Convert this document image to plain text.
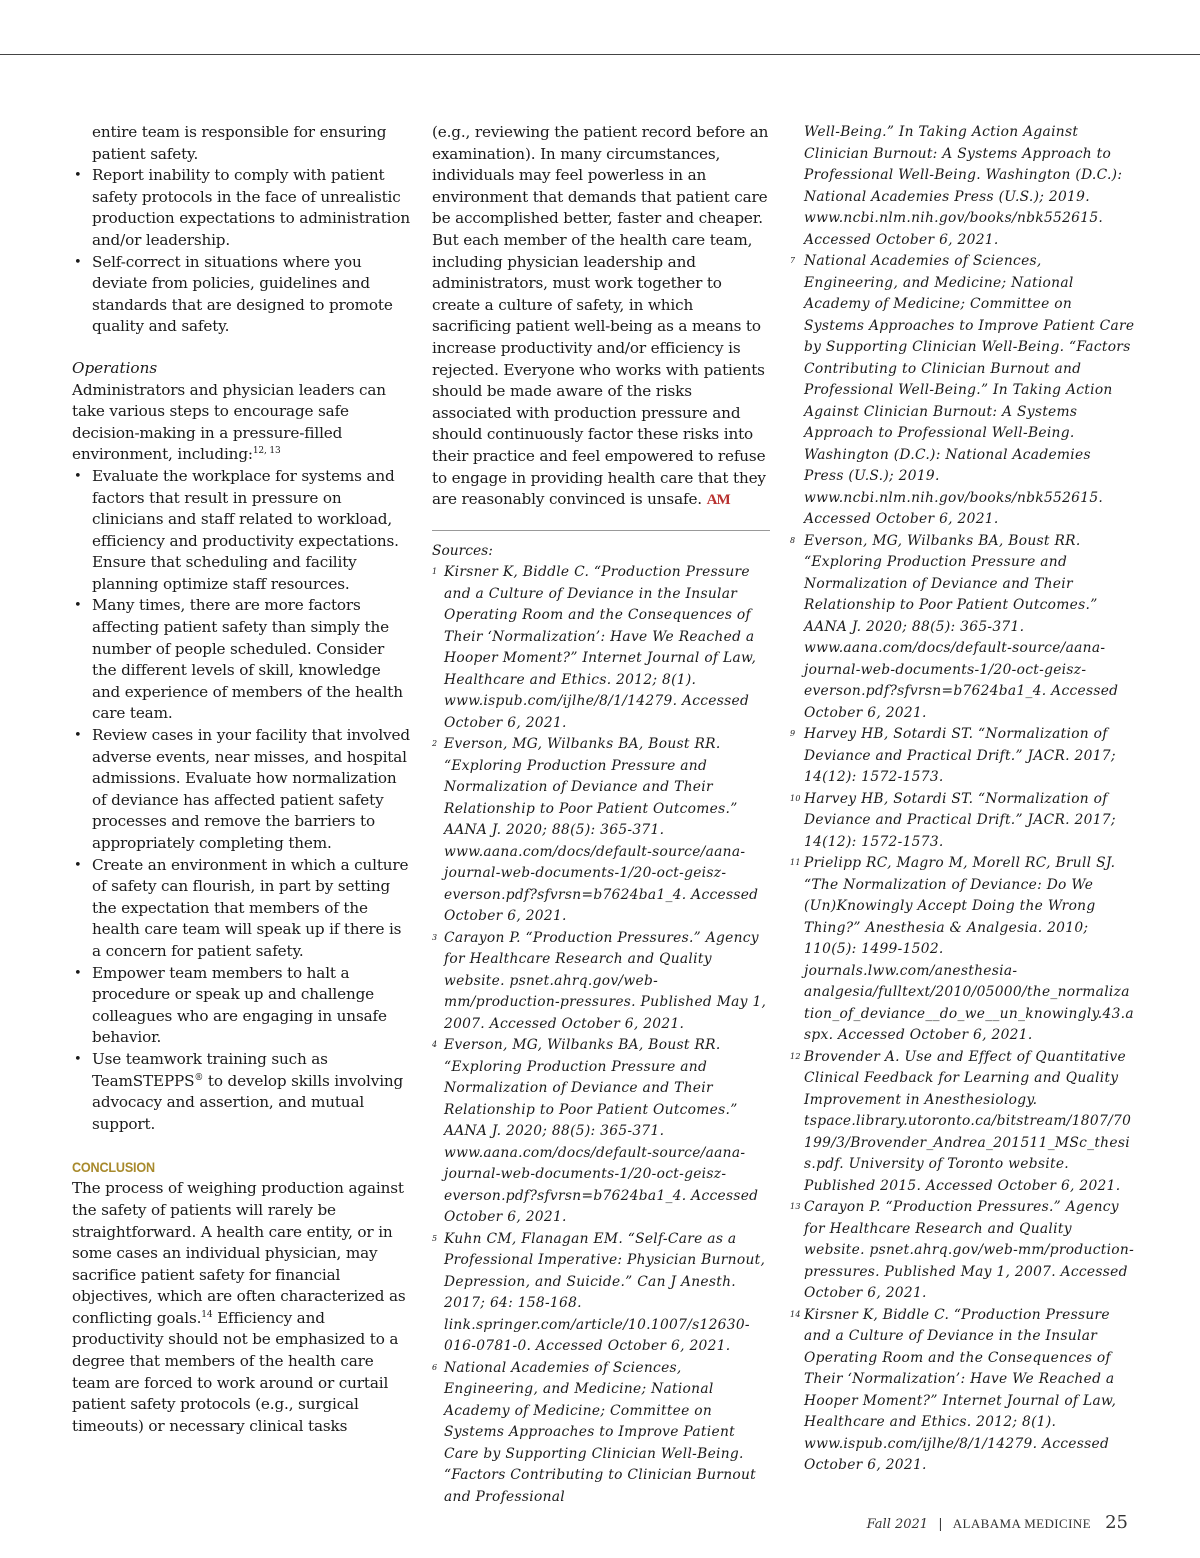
entire team is responsible for ensuring patient safety.
• Report inability to comply with patient safety protocols in the face of unrealistic production expectations to administration and/or leadership.
• Self-correct in situations where you deviate from policies, guidelines and standards that are designed to promote quality and safety.
Operations

Administrators and physician leaders can take various steps to encourage safe decision-making in a pressure-filled environment, including:$^{12, 13}$

• Evaluate the workplace for systems and factors that result in pressure on clinicians and staff related to workload, efficiency and productivity expectations. Ensure that scheduling and facility planning optimize staff resources.
• Many times, there are more factors affecting patient safety than simply the number of people scheduled. Consider the different levels of skill, knowledge and experience of members of the health care team.
• Review cases in your facility that involved adverse events, near misses, and hospital admissions. Evaluate how normalization of deviance has affected patient safety processes and remove the barriers to appropriately completing them.
• Create an environment in which a culture of safety can flourish, in part by setting the expectation that members of the health care team will speak up if there is a concern for patient safety.
• Empower team members to halt a procedure or speak up and challenge colleagues who are engaging in unsafe behavior.
• Use teamwork training such as TeamSTEPPS® to develop skills involving advocacy and assertion, and mutual support.
CONCLUSION

The process of weighing production against the safety of patients will rarely be straightforward. A health care entity, or in some cases an individual physician, may sacrifice patient safety for financial objectives, which are often characterized as conflicting goals.$^{14}$ Efficiency and productivity should not be emphasized to a degree that members of the health care team are forced to work around or curtail patient safety protocols (e.g., surgical timeouts) or necessary clinical tasks

(e.g., reviewing the patient record before an examination). In many circumstances, individuals may feel powerless in an environment that demands that patient care be accomplished better, faster and cheaper. But each member of the health care team, including physician leadership and administrators, must work together to create a culture of safety, in which sacrificing patient well-being as a means to increase productivity and/or efficiency is rejected. Everyone who works with patients should be made aware of the risks associated with production pressure and should continuously factor these risks into their practice and feel empowered to refuse to engage in providing health care that they are reasonably convinced is unsafe. AM

Sources:
1 Kirsner K, Biddle C. “Production Pressure and a Culture of Deviance in the Insular Operating Room and the Consequences of Their ‘Normalization’: Have We Reached a Hooper Moment?” Internet Journal of Law, Healthcare and Ethics. 2012; 8(1). www.ispub.com/ijlhe/8/1/14279. Accessed October 6, 2021.
2 Everson, MG, Wilbanks BA, Boust RR. “Exploring Production Pressure and Normalization of Deviance and Their Relationship to Poor Patient Outcomes.” AANA J. 2020; 88(5): 365-371. www.aana.com/docs/default-source/aana-journal-web-documents-1/20-oct-geisz-everson.pdf?sfvrsn=b7624ba1_4. Accessed October 6, 2021.
3 Carayon P. “Production Pressures.” Agency for Healthcare Research and Quality website. psnet.ahrq.gov/web-mm/production-pressures. Published May 1, 2007. Accessed October 6, 2021.
4 Everson, MG, Wilbanks BA, Boust RR. “Exploring Production Pressure and Normalization of Deviance and Their Relationship to Poor Patient Outcomes.” AANA J. 2020; 88(5): 365-371. www.aana.com/docs/default-source/aana-journal-web-documents-1/20-oct-geisz-everson.pdf?sfvrsn=b7624ba1_4. Accessed October 6, 2021.
5 Kuhn CM, Flanagan EM. “Self-Care as a Professional Imperative: Physician Burnout, Depression, and Suicide.” Can J Anesth. 2017; 64: 158-168. link.springer.com/article/10.1007/s12630-016-0781-0. Accessed October 6, 2021.
6 National Academies of Sciences, Engineering, and Medicine; National Academy of Medicine; Committee on Systems Approaches to Improve Patient Care by Supporting Clinician Well-Being. “Factors Contributing to Clinician Burnout and Professional
Well-Being.” In Taking Action Against Clinician Burnout: A Systems Approach to Professional Well-Being. Washington (D.C.): National Academies Press (U.S.); 2019. www.ncbi.nlm.nih.gov/books/nbk552615. Accessed October 6, 2021.
7 National Academies of Sciences, Engineering, and Medicine; National Academy of Medicine; Committee on Systems Approaches to Improve Patient Care by Supporting Clinician Well-Being. “Factors Contributing to Clinician Burnout and Professional Well-Being.” In Taking Action Against Clinician Burnout: A Systems Approach to Professional Well-Being. Washington (D.C.): National Academies Press (U.S.); 2019. www.ncbi.nlm.nih.gov/books/nbk552615. Accessed October 6, 2021.
8 Everson, MG, Wilbanks BA, Boust RR. “Exploring Production Pressure and Normalization of Deviance and Their Relationship to Poor Patient Outcomes.” AANA J. 2020; 88(5): 365-371. www.aana.com/docs/default-source/aana-journal-web-documents-1/20-oct-geisz-everson.pdf?sfvrsn=b7624ba1_4. Accessed October 6, 2021.
9 Harvey HB, Sotardi ST. “Normalization of Deviance and Practical Drift.” JACR. 2017; 14(12): 1572-1573.
10 Harvey HB, Sotardi ST. “Normalization of Deviance and Practical Drift.” JACR. 2017; 14(12): 1572-1573.
11 Prielipp RC, Magro M, Morell RC, Brull SJ. “The Normalization of Deviance: Do We (Un)Knowingly Accept Doing the Wrong Thing?” Anesthesia & Analgesia. 2010; 110(5): 1499-1502. journals.lww.com/anesthesia-analgesia/fulltext/2010/05000/the_normalization_of_deviance__do_we__un_knowingly.43.aspx. Accessed October 6, 2021.
12 Brovender A. Use and Effect of Quantitative Clinical Feedback for Learning and Quality Improvement in Anesthesiology. tspace.library.utoronto.ca/bitstream/1807/70199/3/Brovender_Andrea_201511_MSc_thesis.pdf. University of Toronto website. Published 2015. Accessed October 6, 2021.
13 Carayon P. “Production Pressures.” Agency for Healthcare Research and Quality website. psnet.ahrq.gov/web-mm/production-pressures. Published May 1, 2007. Accessed October 6, 2021.
14 Kirsner K, Biddle C. “Production Pressure and a Culture of Deviance in the Insular Operating Room and the Consequences of Their ‘Normalization’: Have We Reached a Hooper Moment?” Internet Journal of Law, Healthcare and Ethics. 2012; 8(1). www.ispub.com/ijlhe/8/1/14279. Accessed October 6, 2021.
Fall 2021 | ALABAMA MEDICINE 25
